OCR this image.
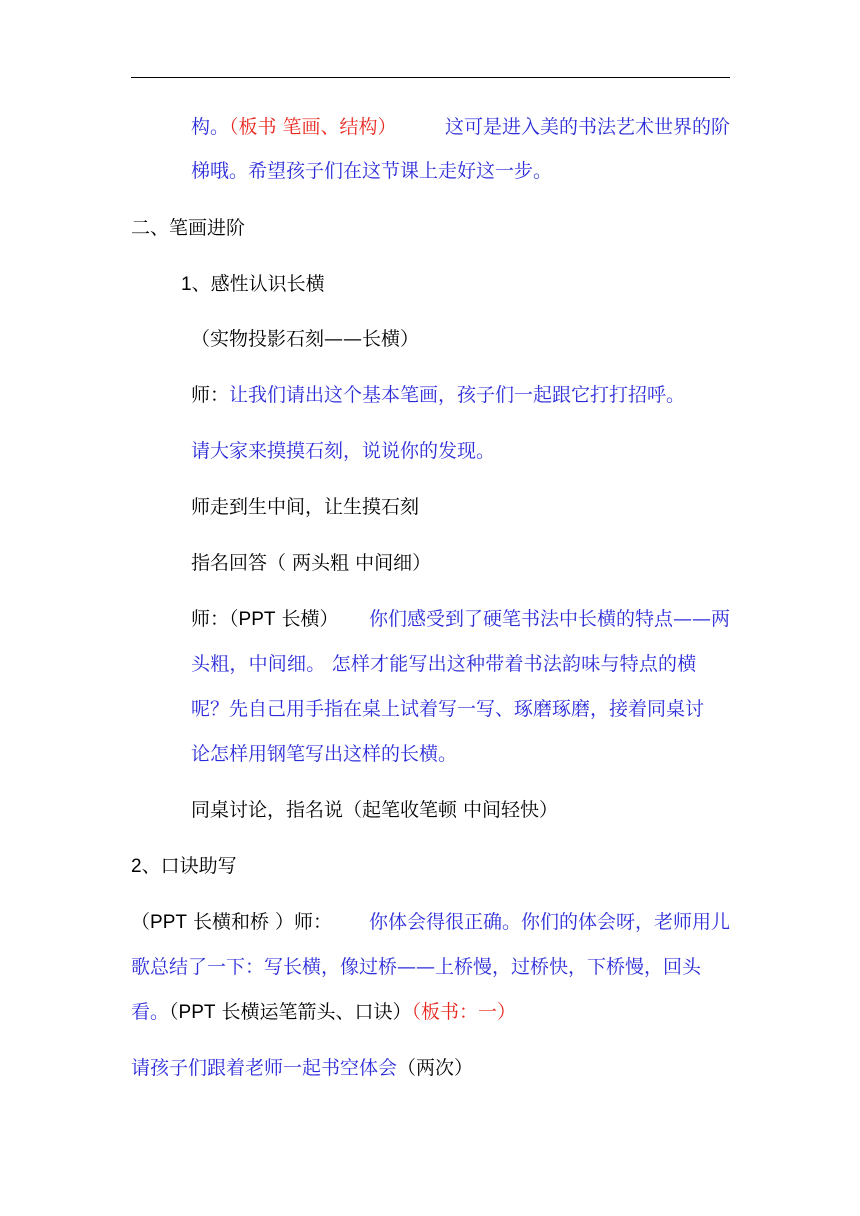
构。（板书 笔画、结构）	这可是进入美的书法艺术世界的阶
梯哦。希望孩子们在这节课上走好这一步。
二、笔画进阶
1、感性认识长横
（实物投影石刻——长横）
师：让我们请出这个基本笔画，孩子们一起跟它打打招呼。
请大家来摸摸石刻，说说你的发现。
师走到生中间，让生摸石刻
指名回答（ 两头粗 中间细）
师：（PPT 长横） 你们感受到了硬笔书法中长横的特点——两
头粗，中间细。 怎样才能写出这种带着书法韵味与特点的横
呢？先自己用手指在桌上试着写一写、琢磨琢磨，接着同桌讨
论怎样用钢笔写出这样的长横。
同桌讨论，指名说（起笔收笔顿 中间轻快）
2、口诀助写
（PPT 长横和桥 ）师： 你体会得很正确。你们的体会呀，老师用儿
歌总结了一下：写长横，像过桥——上桥慢，过桥快，下桥慢，回头
看。（PPT 长横运笔箭头、口诀）（板书：一）
请孩子们跟着老师一起书空体会（两次）
